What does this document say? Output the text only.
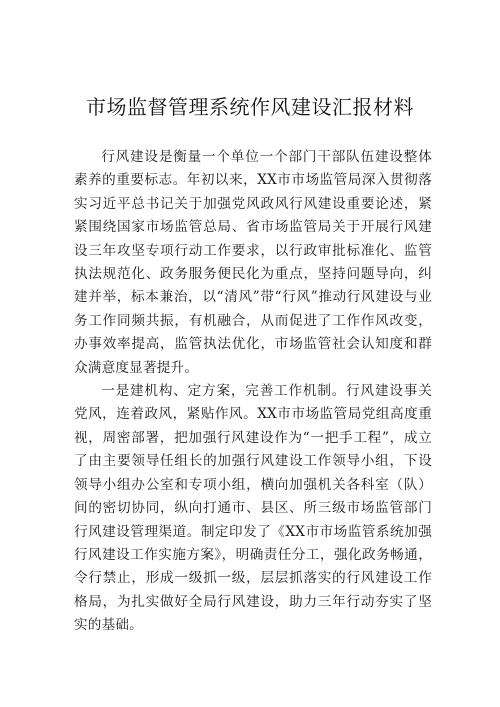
市场监督管理系统作风建设汇报材料

行风建设是衡量一个单位一个部门干部队伍建设整体素养的重要标志。年初以来，XX市市场监管局深入贯彻落实习近平总书记关于加强党风政风行风建设重要论述，紧紧围绕国家市场监管总局、省市场监管局关于开展行风建设三年攻坚专项行动工作要求，以行政审批标准化、监管执法规范化、政务服务便民化为重点，坚持问题导向，纠建并举，标本兼治，以“清风”带“行风”推动行风建设与业务工作同频共振，有机融合，从而促进了工作作风改变，办事效率提高，监管执法优化，市场监管社会认知度和群众满意度显著提升。

一是建机构、定方案，完善工作机制。行风建设事关党风，连着政风，紧贴作风。XX市市场监管局党组高度重视，周密部署，把加强行风建设作为“一把手工程”，成立了由主要领导任组长的加强行风建设工作领导小组，下设领导小组办公室和专项小组，横向加强机关各科室（队）间的密切协同，纵向打通市、县区、所三级市场监管部门行风建设管理渠道。制定印发了《XX市市场监管系统加强行风建设工作实施方案》，明确责任分工，强化政务畅通，令行禁止，形成一级抓一级，层层抓落实的行风建设工作格局，为扎实做好全局行风建设，助力三年行动夯实了坚实的基础。
